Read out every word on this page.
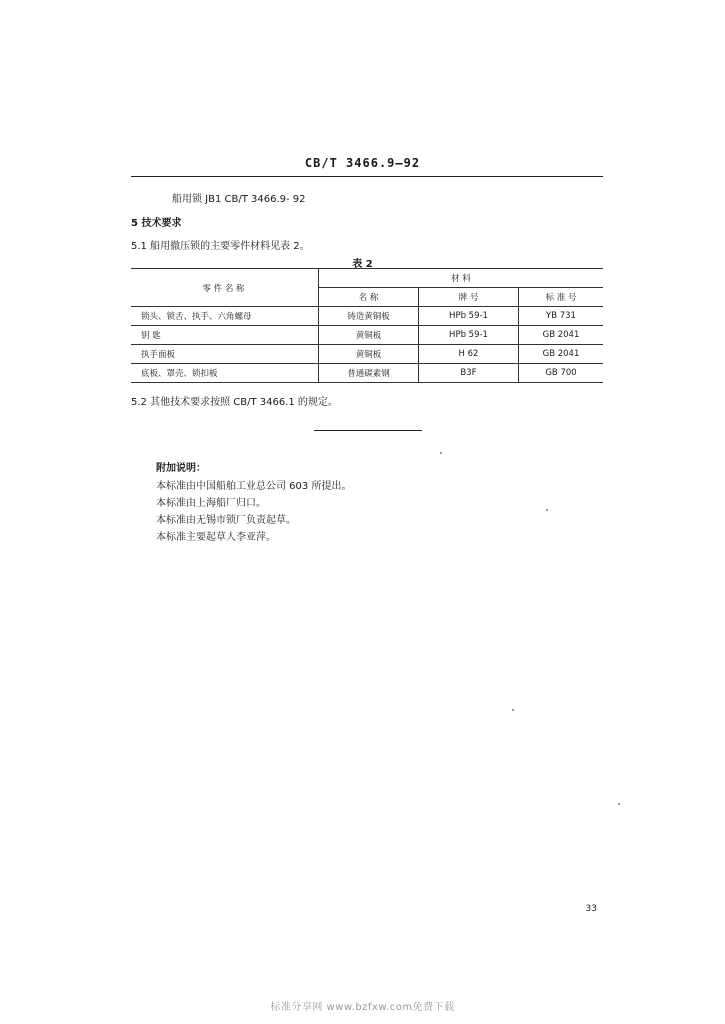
CB/T 3466.9—92
船用锁 JB1 CB/T 3466.9- 92
5 技术要求
5.1 船用撤压锁的主要零件材料见表 2。
表 2
零 件 名 称	材 料		
	名 称	牌 号	标 准 号
锁头、锁舌、执手、六角螺母	铸造黄铜板	HPb 59-1	YB 731
钥 匙	黄铜板	HPb 59-1	GB 2041
执手面板	黄铜板	H 62	GB 2041
底板、罩壳、锁扣板	普通碳素钢	B3F	GB 700
5.2 其他技术要求按照 CB/T 3466.1 的规定。
附加说明：
本标准由中国船舶工业总公司 603 所提出。
本标准由上海船厂归口。
本标准由无锡市锁厂负责起草。
本标准主要起草人李亚萍。
33
标准分享网 www.bzfxw.com免费下载
